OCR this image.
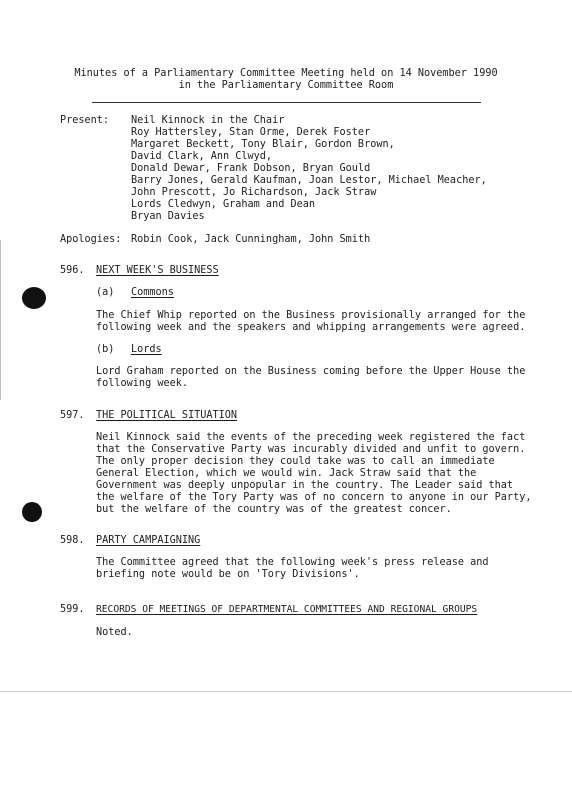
Minutes of a Parliamentary Committee Meeting held on 14 November 1990
in the Parliamentary Committee Room
Present: Neil Kinnock in the Chair
Roy Hattersley, Stan Orme, Derek Foster
Margaret Beckett, Tony Blair, Gordon Brown,
David Clark, Ann Clwyd,
Donald Dewar, Frank Dobson, Bryan Gould
Barry Jones, Gerald Kaufman, Joan Lestor, Michael Meacher,
John Prescott, Jo Richardson, Jack Straw
Lords Cledwyn, Graham and Dean
Bryan Davies
Apologies: Robin Cook, Jack Cunningham, John Smith
596. NEXT WEEK'S BUSINESS
(a) Commons
The Chief Whip reported on the Business provisionally arranged for the
following week and the speakers and whipping arrangements were agreed.
(b) Lords
Lord Graham reported on the Business coming before the Upper House the
following week.
597. THE POLITICAL SITUATION
Neil Kinnock said the events of the preceding week registered the fact
that the Conservative Party was incurably divided and unfit to govern.
The only proper decision they could take was to call an immediate
General Election, which we would win. Jack Straw said that the
Government was deeply unpopular in the country. The Leader said that
the welfare of the Tory Party was of no concern to anyone in our Party,
but the welfare of the country was of the greatest concer.
598. PARTY CAMPAIGNING
The Committee agreed that the following week's press release and
briefing note would be on 'Tory Divisions'.
599. RECORDS OF MEETINGS OF DEPARTMENTAL COMMITTEES AND REGIONAL GROUPS
Noted.
